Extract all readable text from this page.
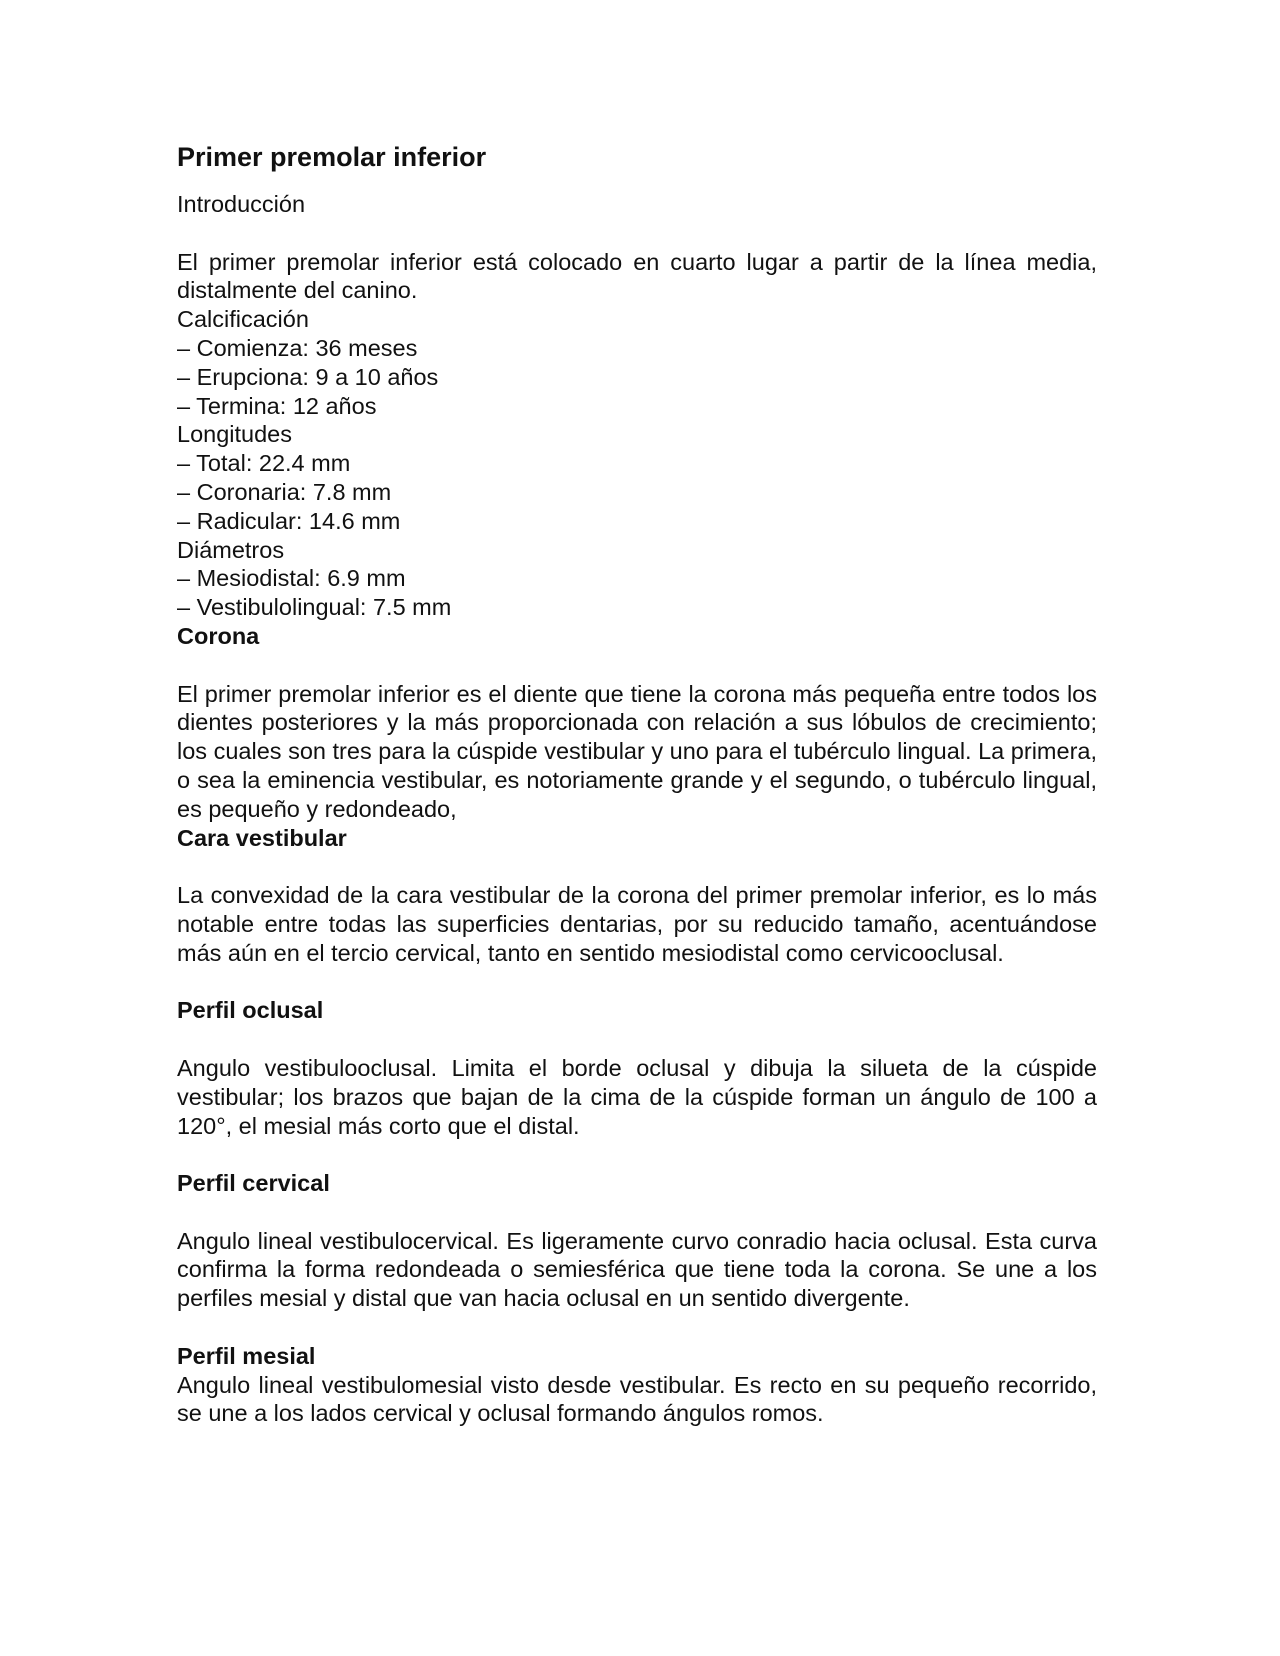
Primer premolar inferior

Introducción

El primer premolar inferior está colocado en cuarto lugar a partir de la línea media, distalmente del canino.

Calcificación

– Comienza: 36 meses

– Erupciona: 9 a 10 años

– Termina: 12 años

Longitudes

– Total: 22.4 mm

– Coronaria: 7.8 mm

– Radicular: 14.6 mm

Diámetros

– Mesiodistal: 6.9 mm

– Vestibulolingual: 7.5 mm

Corona

El primer premolar inferior es el diente que tiene la corona más pequeña entre todos los dientes posteriores y la más proporcionada con relación a sus lóbulos de crecimiento; los cuales son tres para la cúspide vestibular y uno para el tubérculo lingual. La primera, o sea la eminencia vestibular, es notoriamente grande y el segundo, o tubérculo lingual, es pequeño y redondeado,

Cara vestibular

La convexidad de la cara vestibular de la corona del primer premolar inferior, es lo más notable entre todas las superficies dentarias, por su reducido tamaño, acentuándose más aún en el tercio cervical, tanto en sentido mesiodistal como cervicooclusal.

Perfil oclusal

Angulo vestibulooclusal. Limita el borde oclusal y dibuja la silueta de la cúspide vestibular; los brazos que bajan de la cima de la cúspide forman un ángulo de 100 a 120°, el mesial más corto que el distal.

Perfil cervical

Angulo lineal vestibulocervical. Es ligeramente curvo conradio hacia oclusal. Esta curva confirma la forma redondeada o semiesférica que tiene toda la corona. Se une a los perfiles mesial y distal que van hacia oclusal en un sentido divergente.

Perfil mesial

Angulo lineal vestibulomesial visto desde vestibular. Es recto en su pequeño recorrido, se une a los lados cervical y oclusal formando ángulos romos.
